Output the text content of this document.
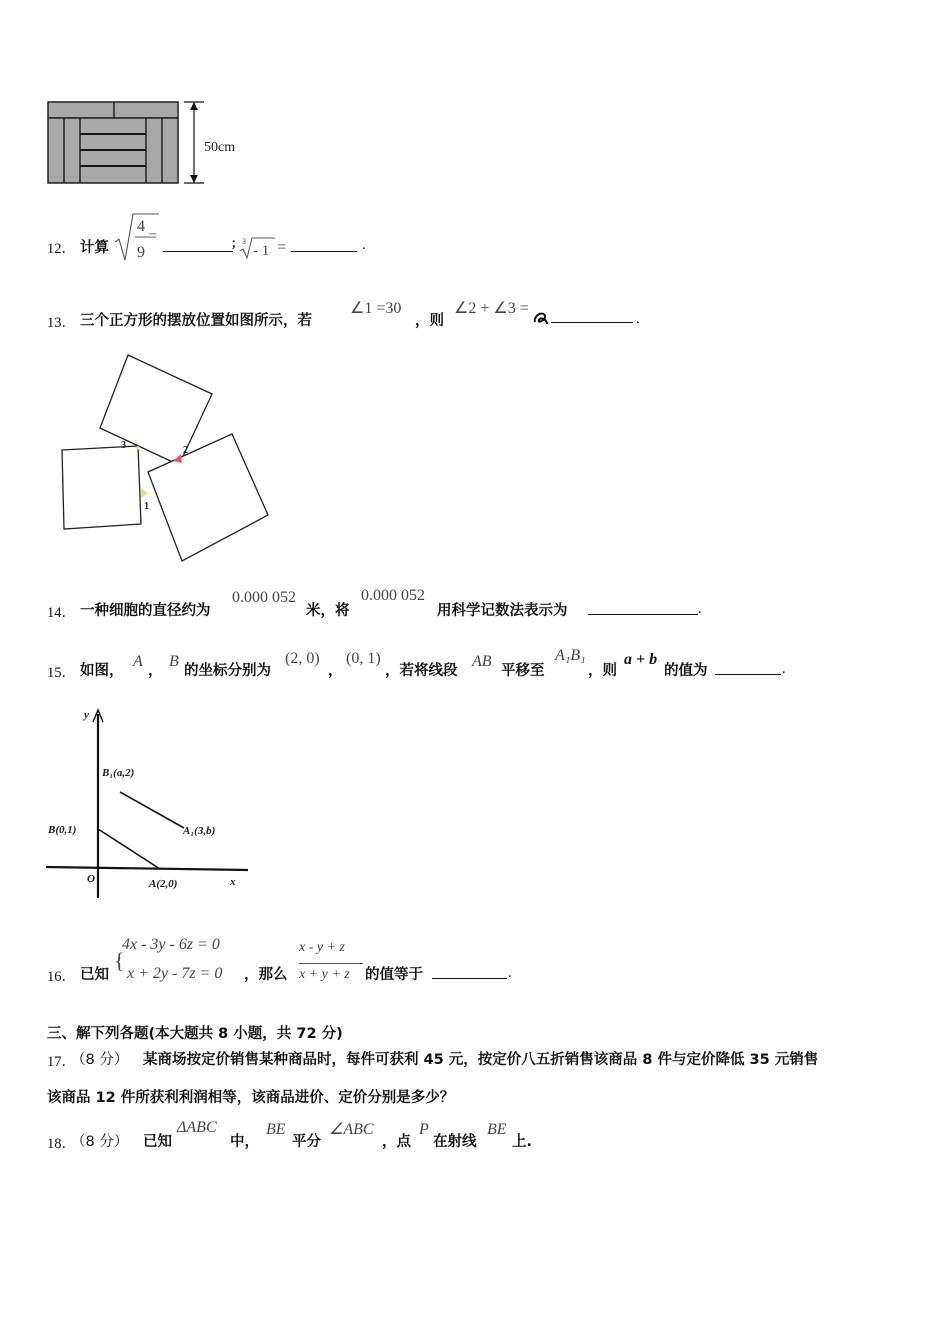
50cm
12． 计算
4
9
=	；
3
- 1 =	.
13． 三个正方形的摆放位置如图所示，若
∠1 =30
，则
∠2 + ∠3 =
.
3	2
1
14． 一种细胞的直径约为
0.000 052
米，将
0.000 052
用科学记数法表示为	.
15． 如图，
A
，
B
的坐标分别为
(2, 0)
，
(0, 1)
，若将线段
AB
平移至
A₁B₁
，则
a + b
的值为	.
y
x
O
B₁(a,2)
B(0,1)	A₁(3,b)
A(2,0)
16． 已知
{
4x - 3y - 6z = 0
x + 2y - 7z = 0 ，那么
x - y + z
x + y + z 的值等于	.
三、解下列各题(本大题共 8 小题，共 72 分)
17．
（8 分） 某商场按定价销售某种商品时，每件可获利 45 元，按定价八五折销售该商品 8 件与定价降低 35 元销售
该商品 12 件所获利利润相等，该商品进价、定价分别是多少？
18．
（8 分） 已知
ΔABC
中，
BE
平分
∠ABC
，点
P
在射线
BE
上.
